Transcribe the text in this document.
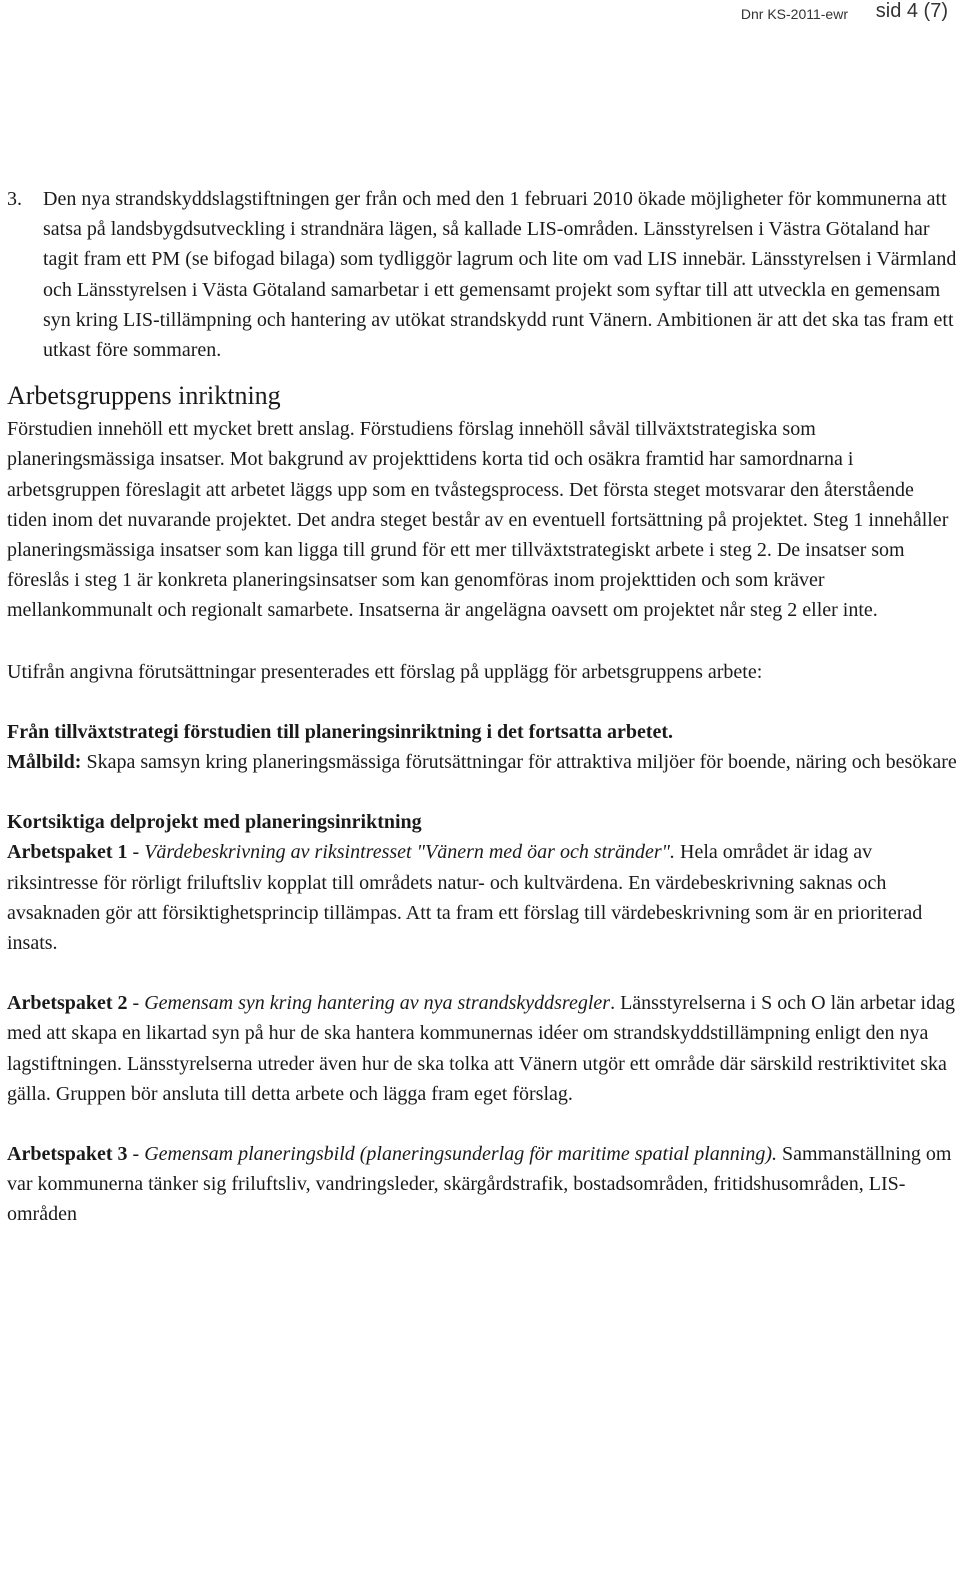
Dnr KS-2011-ewr sid 4 (7)

3. Den nya strandskyddslagstiftningen ger från och med den 1 februari 2010 ökade möjligheter för kommunerna att satsa på landsbygdsutveckling i strandnära lägen, så kallade LIS-områden. Länsstyrelsen i Västra Götaland har tagit fram ett PM (se bifogad bilaga) som tydliggör lagrum och lite om vad LIS innebär. Länsstyrelsen i Värmland och Länsstyrelsen i Västa Götaland samarbetar i ett gemensamt projekt som syftar till att utveckla en gemensam syn kring LIS-tillämpning och hantering av utökat strandskydd runt Vänern. Ambitionen är att det ska tas fram ett utkast före sommaren.

Arbetsgruppens inriktning

Förstudien innehöll ett mycket brett anslag. Förstudiens förslag innehöll såväl tillväxtstrategiska som planeringsmässiga insatser. Mot bakgrund av projekttidens korta tid och osäkra framtid har samordnarna i arbetsgruppen föreslagit att arbetet läggs upp som en tvåstegsprocess. Det första steget motsvarar den återstående tiden inom det nuvarande projektet. Det andra steget består av en eventuell fortsättning på projektet. Steg 1 innehåller planeringsmässiga insatser som kan ligga till grund för ett mer tillväxtstrategiskt arbete i steg 2. De insatser som föreslås i steg 1 är konkreta planeringsinsatser som kan genomföras inom projekttiden och som kräver mellankommunalt och regionalt samarbete. Insatserna är angelägna oavsett om projektet når steg 2 eller inte.

Utifrån angivna förutsättningar presenterades ett förslag på upplägg för arbetsgruppens arbete:

Från tillväxtstrategi förstudien till planeringsinriktning i det fortsatta arbetet.
Målbild: Skapa samsyn kring planeringsmässiga förutsättningar för attraktiva miljöer för boende, näring och besökare

Kortsiktiga delprojekt med planeringsinriktning
Arbetspaket 1 - Värdebeskrivning av riksintresset "Vänern med öar och stränder". Hela området är idag av riksintresse för rörligt friluftsliv kopplat till områdets natur- och kultvärdena. En värdebeskrivning saknas och avsaknaden gör att försiktighetsprincip tillämpas. Att ta fram ett förslag till värdebeskrivning som är en prioriterad insats.

Arbetspaket 2 - Gemensam syn kring hantering av nya strandskyddsregler. Länsstyrelserna i S och O län arbetar idag med att skapa en likartad syn på hur de ska hantera kommunernas idéer om strandskyddstillämpning enligt den nya lagstiftningen. Länsstyrelserna utreder även hur de ska tolka att Vänern utgör ett område där särskild restriktivitet ska gälla. Gruppen bör ansluta till detta arbete och lägga fram eget förslag.

Arbetspaket 3 - Gemensam planeringsbild (planeringsunderlag för maritime spatial planning). Sammanställning om var kommunerna tänker sig friluftsliv, vandringsleder, skärgårdstrafik, bostadsområden, fritidshusområden, LIS-områden
